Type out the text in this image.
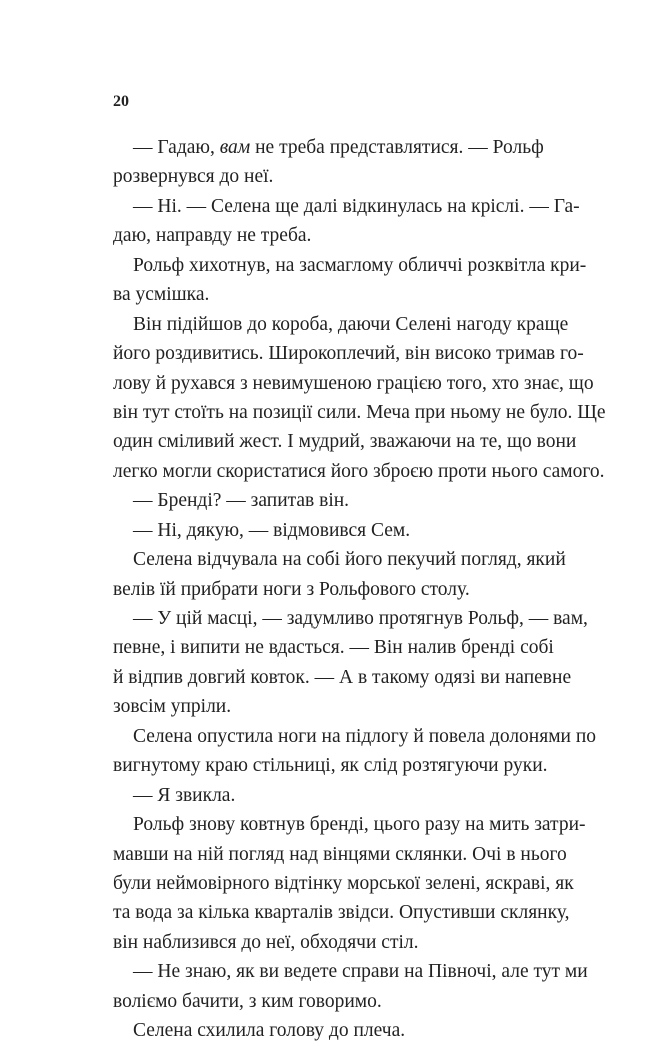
20
— Гадаю, вам не треба представлятися. — Рольф
розвернувся до неї.
— Ні. — Селена ще далі відкинулась на кріслі. — Га-
даю, направду не треба.
Рольф хихотнув, на засмаглому обличчі розквітла кри-
ва усмішка.
Він підійшов до короба, даючи Селені нагоду краще
його роздивитись. Широкоплечий, він високо тримав го-
лову й рухався з невимушеною грацією того, хто знає, що
він тут стоїть на позиції сили. Меча при ньому не було. Ще
один сміливий жест. І мудрий, зважаючи на те, що вони
легко могли скористатися його зброєю проти нього самого.
— Бренді? — запитав він.
— Ні, дякую, — відмовився Сем.
Селена відчувала на собі його пекучий погляд, який
велів їй прибрати ноги з Рольфового столу.
— У цій масці, — задумливо протягнув Рольф, — вам,
певне, і випити не вдасться. — Він налив бренді собі
й відпив довгий ковток. — А в такому одязі ви напевне
зовсім упріли.
Селена опустила ноги на підлогу й повела долонями по
вигнутому краю стільниці, як слід розтягуючи руки.
— Я звикла.
Рольф знову ковтнув бренді, цього разу на мить затри-
мавши на ній погляд над вінцями склянки. Очі в нього
були неймовірного відтінку морської зелені, яскраві, як
та вода за кілька кварталів звідси. Опустивши склянку,
він наблизився до неї, обходячи стіл.
— Не знаю, як ви ведете справи на Півночі, але тут ми
воліємо бачити, з ким говоримо.
Селена схилила голову до плеча.
